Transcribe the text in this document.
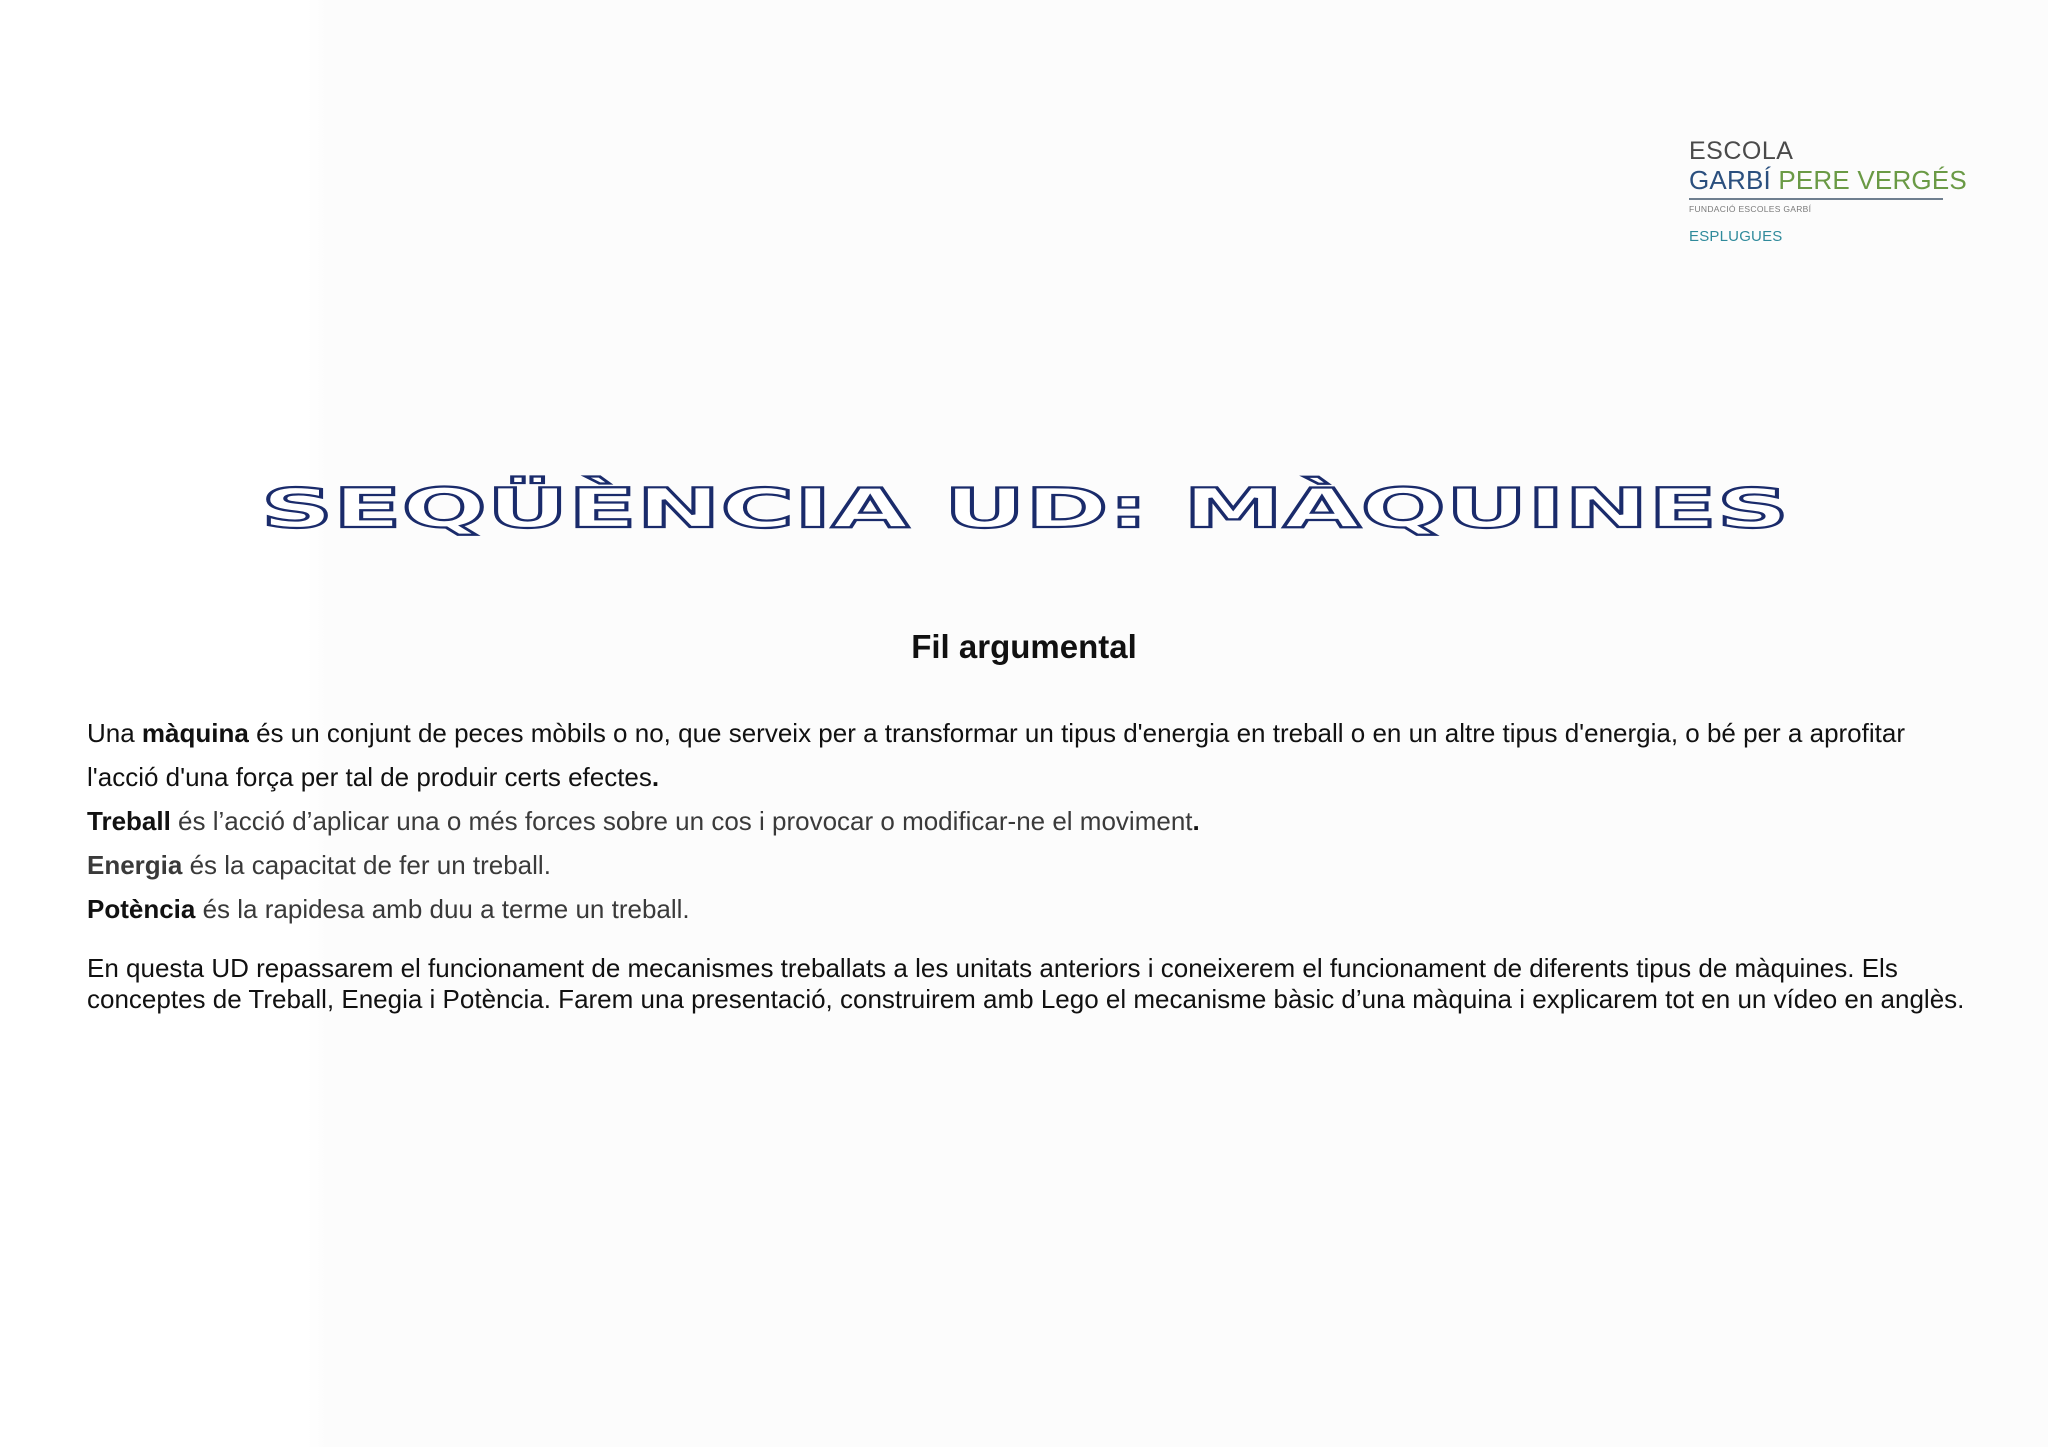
ESCOLA
GARBÍ PERE VERGÉS
FUNDACIÓ ESCOLES GARBÍ
ESPLUGUES
SEQÜÈNCIA UD: MÀQUINES
Fil argumental

Una màquina és un conjunt de peces mòbils o no, que serveix per a transformar un tipus d'energia en treball o en un altre tipus d'energia, o bé per a aprofitar

l'acció d'una força per tal de produir certs efectes.

Treball és l’acció d’aplicar una o més forces sobre un cos i provocar o modificar-ne el moviment.

Energia és la capacitat de fer un treball.

Potència és la rapidesa amb duu a terme un treball.

En questa UD repassarem el funcionament de mecanismes treballats a les unitats anteriors i coneixerem el funcionament de diferents tipus de màquines. Els conceptes de Treball, Enegia i Potència. Farem una presentació, construirem amb Lego el mecanisme bàsic d’una màquina i explicarem tot en un vídeo en anglès.
